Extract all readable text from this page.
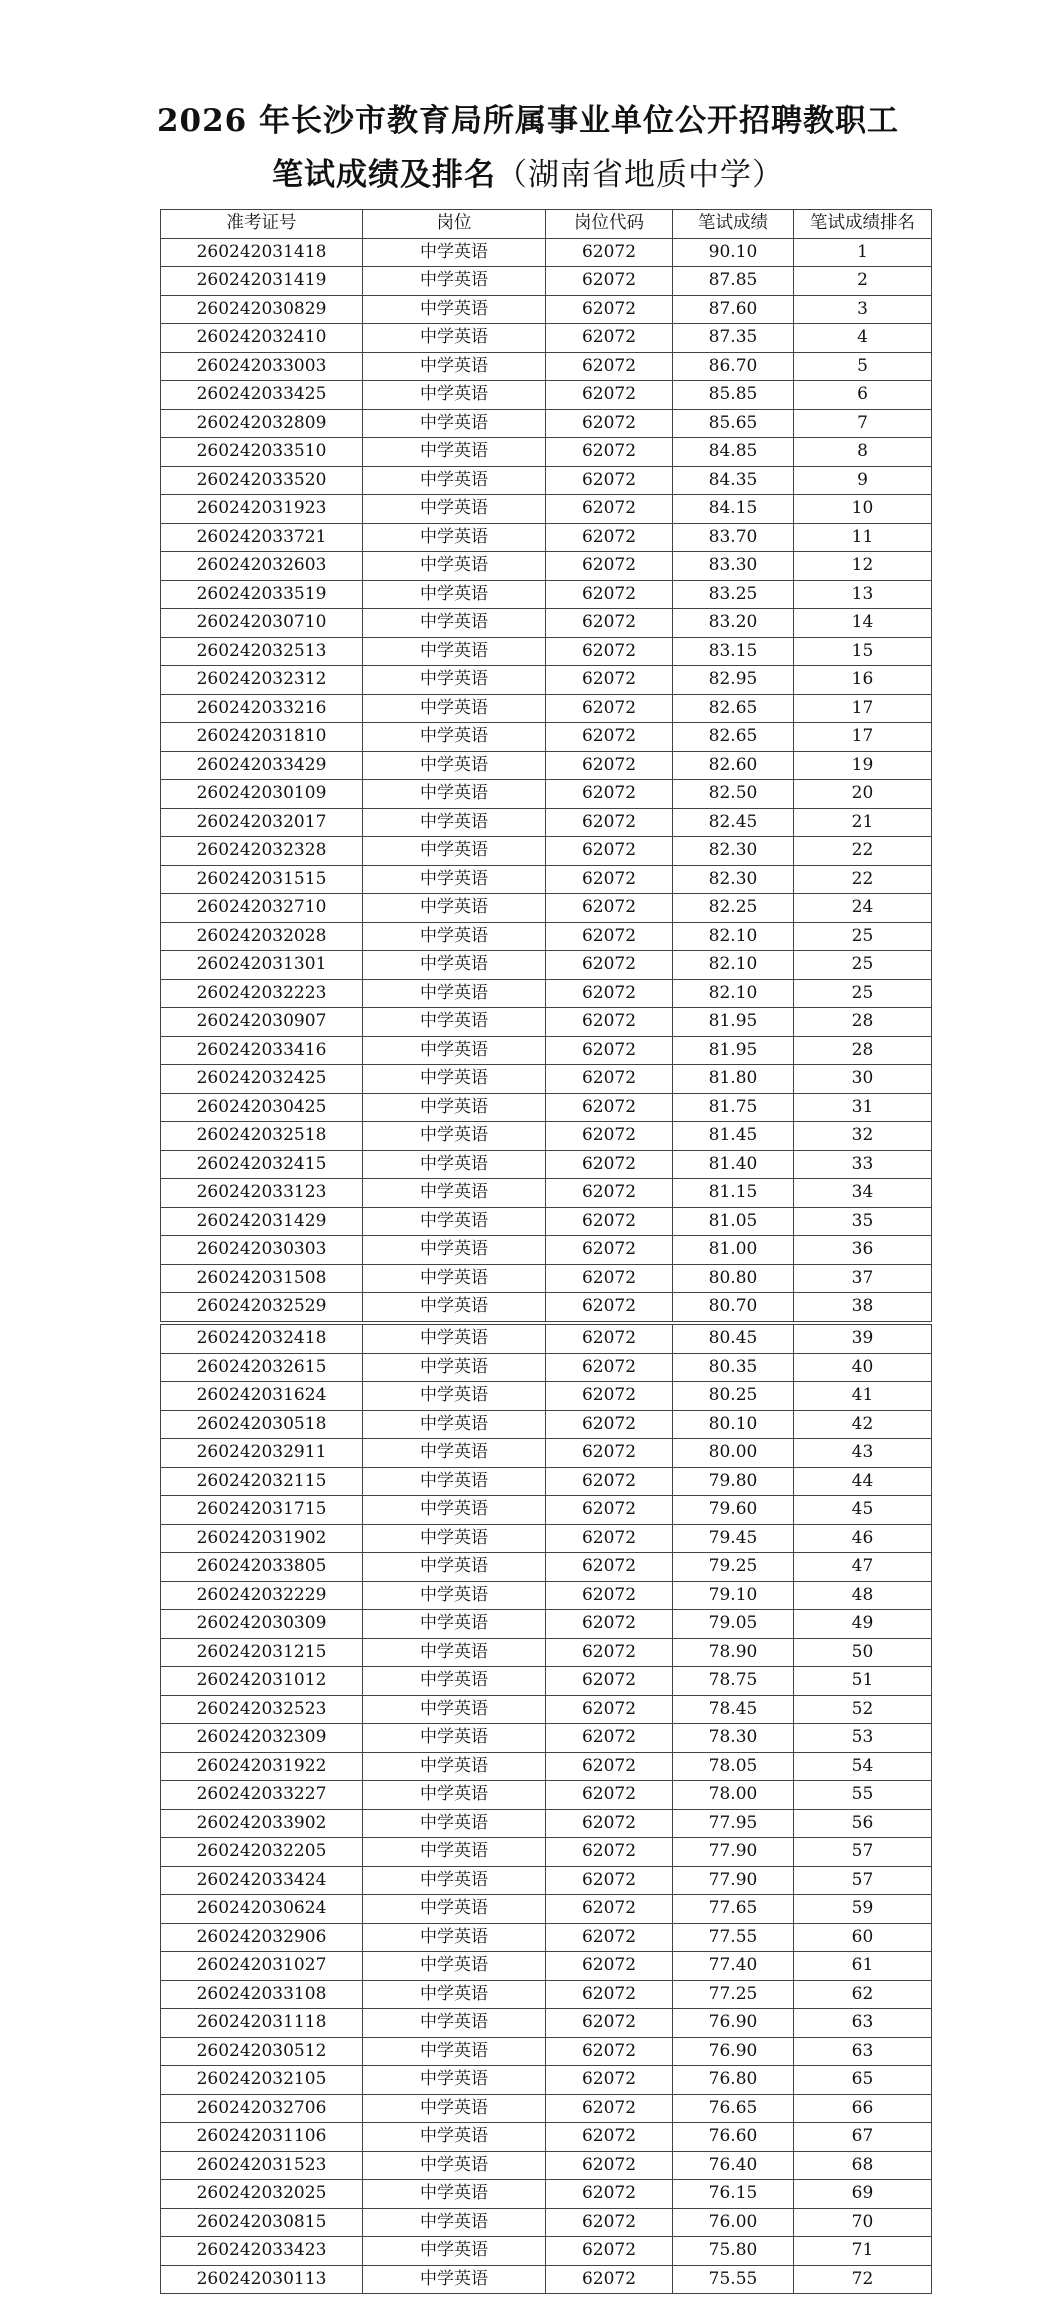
2026 年长沙市教育局所属事业单位公开招聘教职工
笔试成绩及排名（湖南省地质中学）
准考证号	岗位	岗位代码	笔试成绩	笔试成绩排名
260242031418	中学英语	62072	90.10	1
260242031419	中学英语	62072	87.85	2
260242030829	中学英语	62072	87.60	3
260242032410	中学英语	62072	87.35	4
260242033003	中学英语	62072	86.70	5
260242033425	中学英语	62072	85.85	6
260242032809	中学英语	62072	85.65	7
260242033510	中学英语	62072	84.85	8
260242033520	中学英语	62072	84.35	9
260242031923	中学英语	62072	84.15	10
260242033721	中学英语	62072	83.70	11
260242032603	中学英语	62072	83.30	12
260242033519	中学英语	62072	83.25	13
260242030710	中学英语	62072	83.20	14
260242032513	中学英语	62072	83.15	15
260242032312	中学英语	62072	82.95	16
260242033216	中学英语	62072	82.65	17
260242031810	中学英语	62072	82.65	17
260242033429	中学英语	62072	82.60	19
260242030109	中学英语	62072	82.50	20
260242032017	中学英语	62072	82.45	21
260242032328	中学英语	62072	82.30	22
260242031515	中学英语	62072	82.30	22
260242032710	中学英语	62072	82.25	24
260242032028	中学英语	62072	82.10	25
260242031301	中学英语	62072	82.10	25
260242032223	中学英语	62072	82.10	25
260242030907	中学英语	62072	81.95	28
260242033416	中学英语	62072	81.95	28
260242032425	中学英语	62072	81.80	30
260242030425	中学英语	62072	81.75	31
260242032518	中学英语	62072	81.45	32
260242032415	中学英语	62072	81.40	33
260242033123	中学英语	62072	81.15	34
260242031429	中学英语	62072	81.05	35
260242030303	中学英语	62072	81.00	36
260242031508	中学英语	62072	80.80	37
260242032529	中学英语	62072	80.70	38
260242032418	中学英语	62072	80.45	39
260242032615	中学英语	62072	80.35	40
260242031624	中学英语	62072	80.25	41
260242030518	中学英语	62072	80.10	42
260242032911	中学英语	62072	80.00	43
260242032115	中学英语	62072	79.80	44
260242031715	中学英语	62072	79.60	45
260242031902	中学英语	62072	79.45	46
260242033805	中学英语	62072	79.25	47
260242032229	中学英语	62072	79.10	48
260242030309	中学英语	62072	79.05	49
260242031215	中学英语	62072	78.90	50
260242031012	中学英语	62072	78.75	51
260242032523	中学英语	62072	78.45	52
260242032309	中学英语	62072	78.30	53
260242031922	中学英语	62072	78.05	54
260242033227	中学英语	62072	78.00	55
260242033902	中学英语	62072	77.95	56
260242032205	中学英语	62072	77.90	57
260242033424	中学英语	62072	77.90	57
260242030624	中学英语	62072	77.65	59
260242032906	中学英语	62072	77.55	60
260242031027	中学英语	62072	77.40	61
260242033108	中学英语	62072	77.25	62
260242031118	中学英语	62072	76.90	63
260242030512	中学英语	62072	76.90	63
260242032105	中学英语	62072	76.80	65
260242032706	中学英语	62072	76.65	66
260242031106	中学英语	62072	76.60	67
260242031523	中学英语	62072	76.40	68
260242032025	中学英语	62072	76.15	69
260242030815	中学英语	62072	76.00	70
260242033423	中学英语	62072	75.80	71
260242030113	中学英语	62072	75.55	72
